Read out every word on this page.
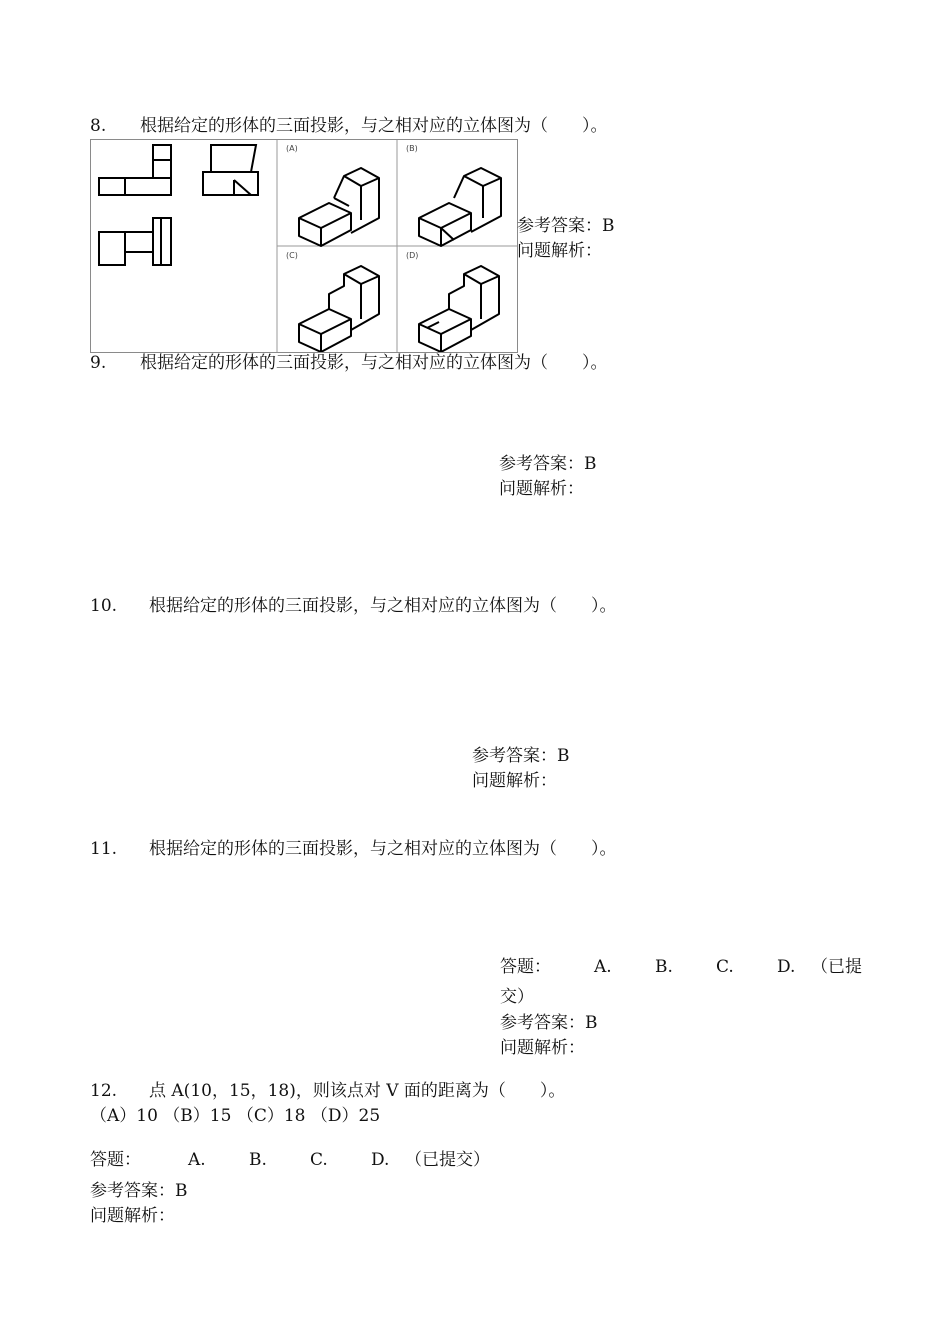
8. 根据给定的形体的三面投影，与之相对应的立体图为（　　）。
(A)	(B)
(C)	(D)
参考答案：B
问题解析：
9. 根据给定的形体的三面投影，与之相对应的立体图为（　　）。
参考答案：B
问题解析：
10. 根据给定的形体的三面投影，与之相对应的立体图为（　　）。
参考答案：B
问题解析：
11. 根据给定的形体的三面投影，与之相对应的立体图为（　　）。
答题：	A.	B.	C.	D. （已提
交）
参考答案：B
问题解析：
12. 点 A(10，15，18)，则该点对 V 面的距离为（　　）。
（A）10 （B）15 （C）18 （D）25
答题：	A.	B.	C.	D. （已提交）
参考答案：B
问题解析：
